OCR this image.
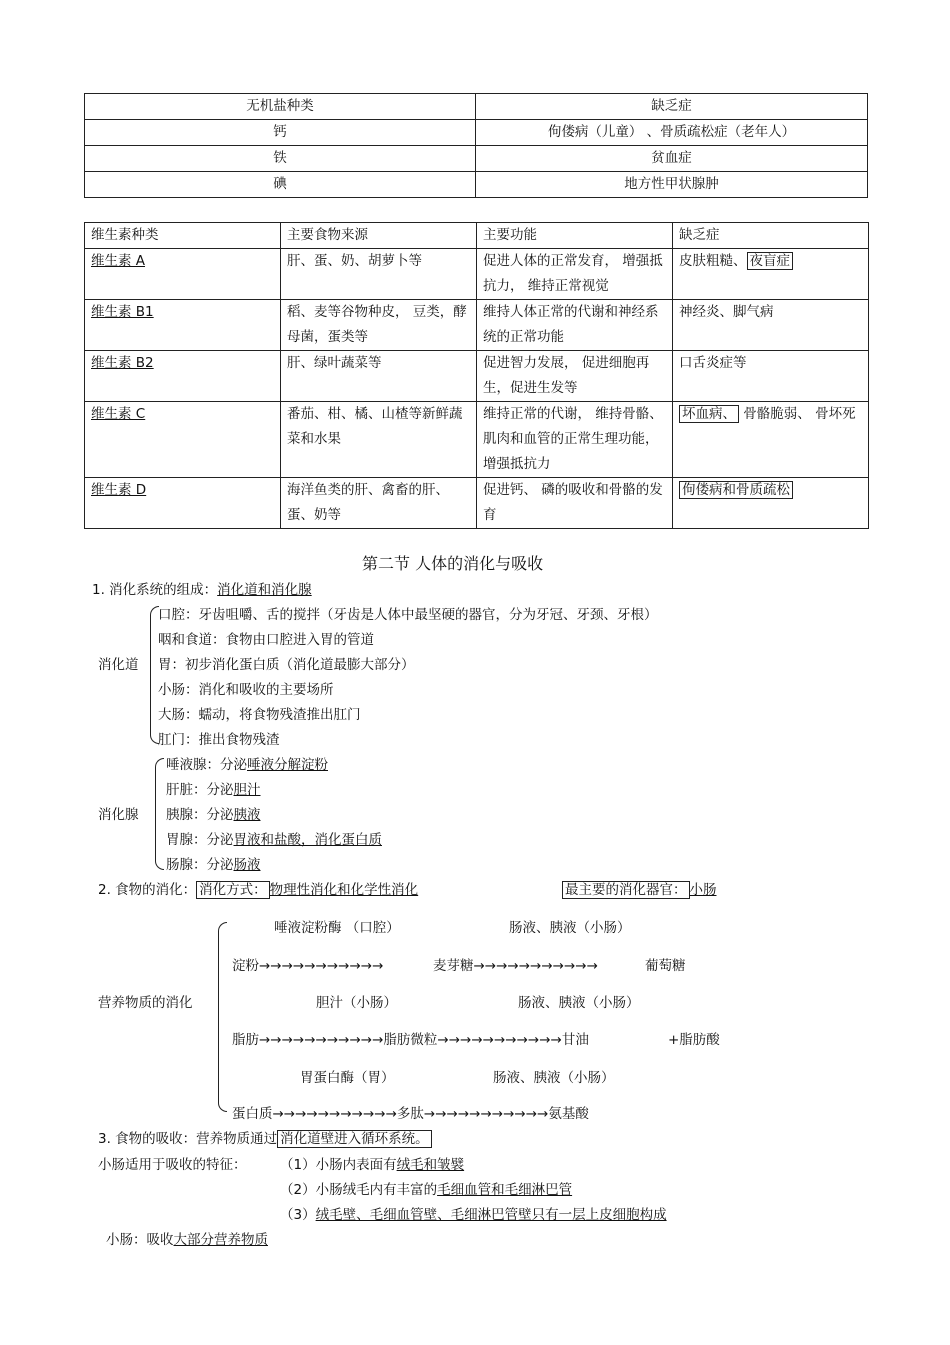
无机盐种类	缺乏症
钙	佝偻病（儿童） 、骨质疏松症（老年人）
铁	贫血症
碘	地方性甲状腺肿
维生素种类	主要食物来源	主要功能	缺乏症
维生素 A	肝、蛋、奶、胡萝卜等	促进人体的正常发育， 增强抵抗力， 维持正常视觉	皮肤粗糙、 夜盲症
维生素 B1	稻、麦等谷物种皮， 豆类，酵母菌，蛋类等	维持人体正常的代谢和神经系统的正常功能	神经炎、脚气病
维生素 B2	肝、绿叶蔬菜等	促进智力发展， 促进细胞再生，促进生发等	口舌炎症等
维生素 C	番茄、柑、橘、山楂等新鲜蔬菜和水果	维持正常的代谢， 维持骨骼、肌肉和血管的正常生理功能，增强抵抗力	坏血病、 骨骼脆弱、 骨坏死
维生素 D	海洋鱼类的肝、禽畜的肝、蛋、奶等	促进钙、 磷的吸收和骨骼的发育	佝偻病和骨质疏松
第二节 人体的消化与吸收
1. 消化系统的组成：消化道和消化腺
消化道
口腔：牙齿咀嚼、舌的搅拌（牙齿是人体中最坚硬的器官，分为牙冠、牙颈、牙根）
咽和食道：食物由口腔进入胃的管道
胃：初步消化蛋白质（消化道最膨大部分）
小肠：消化和吸收的主要场所
大肠：蠕动，将食物残渣推出肛门
肛门：推出食物残渣
消化腺
唾液腺：分泌唾液分解淀粉
肝脏：分泌胆汁
胰腺：分泌胰液
胃腺：分泌胃液和盐酸，消化蛋白质
肠腺：分泌肠液
2. 食物的消化： 消化方式： 物理性消化和化学性消化	最主要的消化器官： 小肠
营养物质的消化
唾液淀粉酶 （口腔）	肠液、胰液（小肠）
淀粉→→→→→→→→→→→	麦芽糖→→→→→→→→→→→	葡萄糖
胆汁（小肠）	肠液、胰液（小肠）
脂肪→→→→→→→→→→→脂肪微粒→→→→→→→→→→→甘油	+脂肪酸
胃蛋白酶（胃）	肠液、胰液（小肠）
蛋白质→→→→→→→→→→→多肽→→→→→→→→→→→氨基酸
3. 食物的吸收：营养物质通过 消化道壁进入循环系统。
小肠适用于吸收的特征： （1）小肠内表面有绒毛和皱襞
（2）小肠绒毛内有丰富的毛细血管和毛细淋巴管
（3）绒毛壁、毛细血管壁、毛细淋巴管壁只有一层上皮细胞构成
小肠：吸收大部分营养物质
